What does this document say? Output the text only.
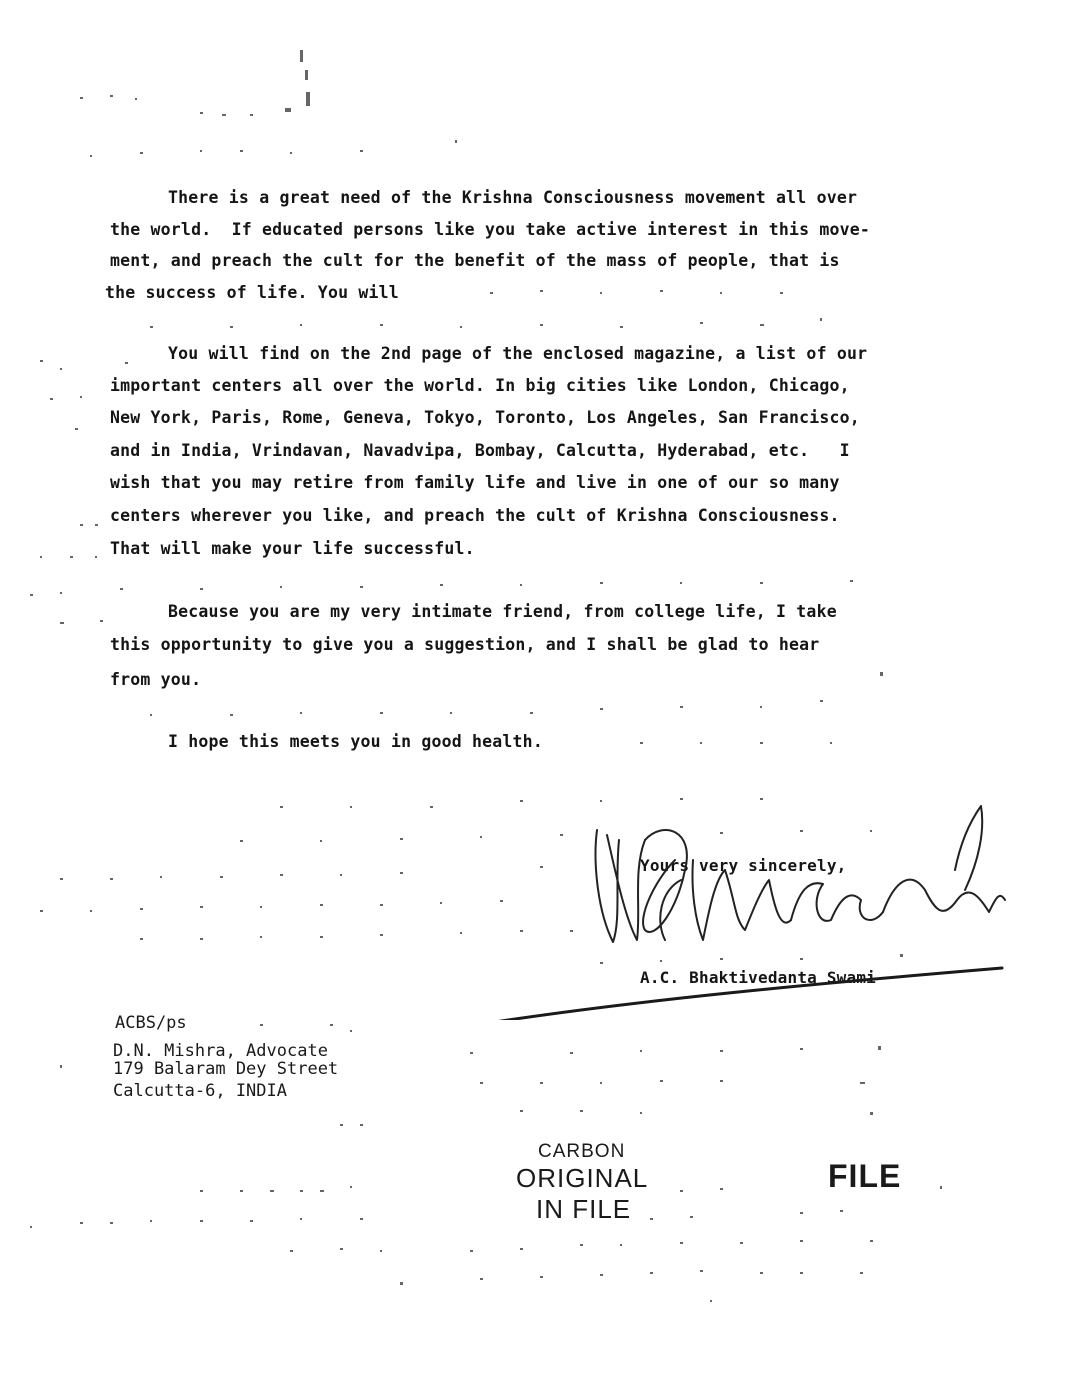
There is a great need of the Krishna Consciousness movement all over
the world.  If educated persons like you take active interest in this move-
ment, and preach the cult for the benefit of the mass of people, that is
the success of life. You will
You will find on the 2nd page of the enclosed magazine, a list of our
important centers all over the world. In big cities like London, Chicago,
New York, Paris, Rome, Geneva, Tokyo, Toronto, Los Angeles, San Francisco,
and in India, Vrindavan, Navadvipa, Bombay, Calcutta, Hyderabad, etc.   I
wish that you may retire from family life and live in one of our so many
centers wherever you like, and preach the cult of Krishna Consciousness.
That will make your life successful.
Because you are my very intimate friend, from college life, I take
this opportunity to give you a suggestion, and I shall be glad to hear
from you.
I hope this meets you in good health.
Yours very sincerely,
A.C. Bhaktivedanta Swami
ACBS/ps
D.N. Mishra, Advocate
179 Balaram Dey Street
Calcutta-6, INDIA
CARBON
ORIGINAL
IN FILE
FILE
